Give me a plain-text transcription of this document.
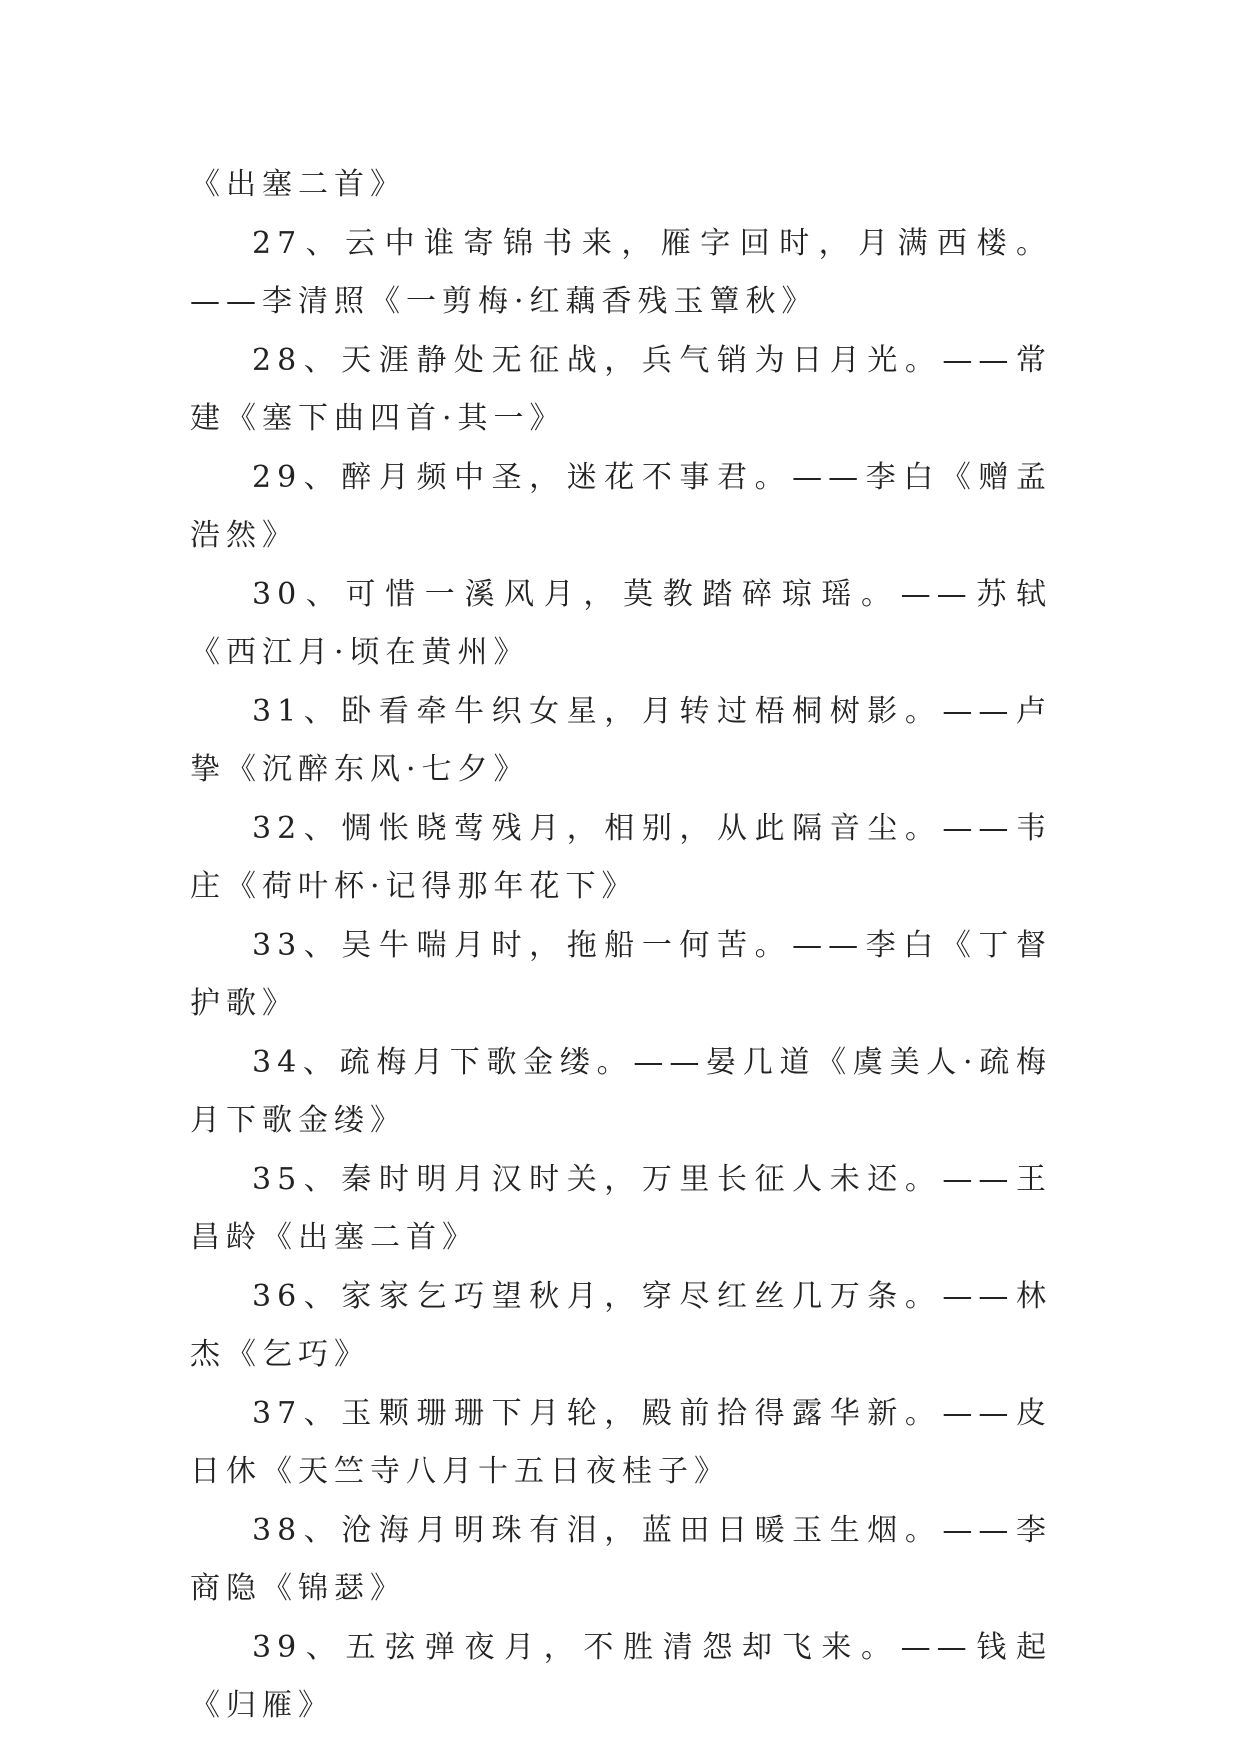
《出塞二首》

27、云中谁寄锦书来，雁字回时，月满西楼。——李清照《一剪梅·红藕香残玉簟秋》

28、天涯静处无征战，兵气销为日月光。——常建《塞下曲四首·其一》

29、醉月频中圣，迷花不事君。——李白《赠孟浩然》

30、可惜一溪风月，莫教踏碎琼瑶。——苏轼《西江月·顷在黄州》

31、卧看牵牛织女星，月转过梧桐树影。——卢挚《沉醉东风·七夕》

32、惆怅晓莺残月，相别，从此隔音尘。——韦庄《荷叶杯·记得那年花下》

33、吴牛喘月时，拖船一何苦。——李白《丁督护歌》

34、疏梅月下歌金缕。——晏几道《虞美人·疏梅月下歌金缕》

35、秦时明月汉时关，万里长征人未还。——王昌龄《出塞二首》

36、家家乞巧望秋月，穿尽红丝几万条。——林杰《乞巧》

37、玉颗珊珊下月轮，殿前拾得露华新。——皮日休《天竺寺八月十五日夜桂子》

38、沧海月明珠有泪，蓝田日暖玉生烟。——李商隐《锦瑟》

39、五弦弹夜月，不胜清怨却飞来。——钱起《归雁》
